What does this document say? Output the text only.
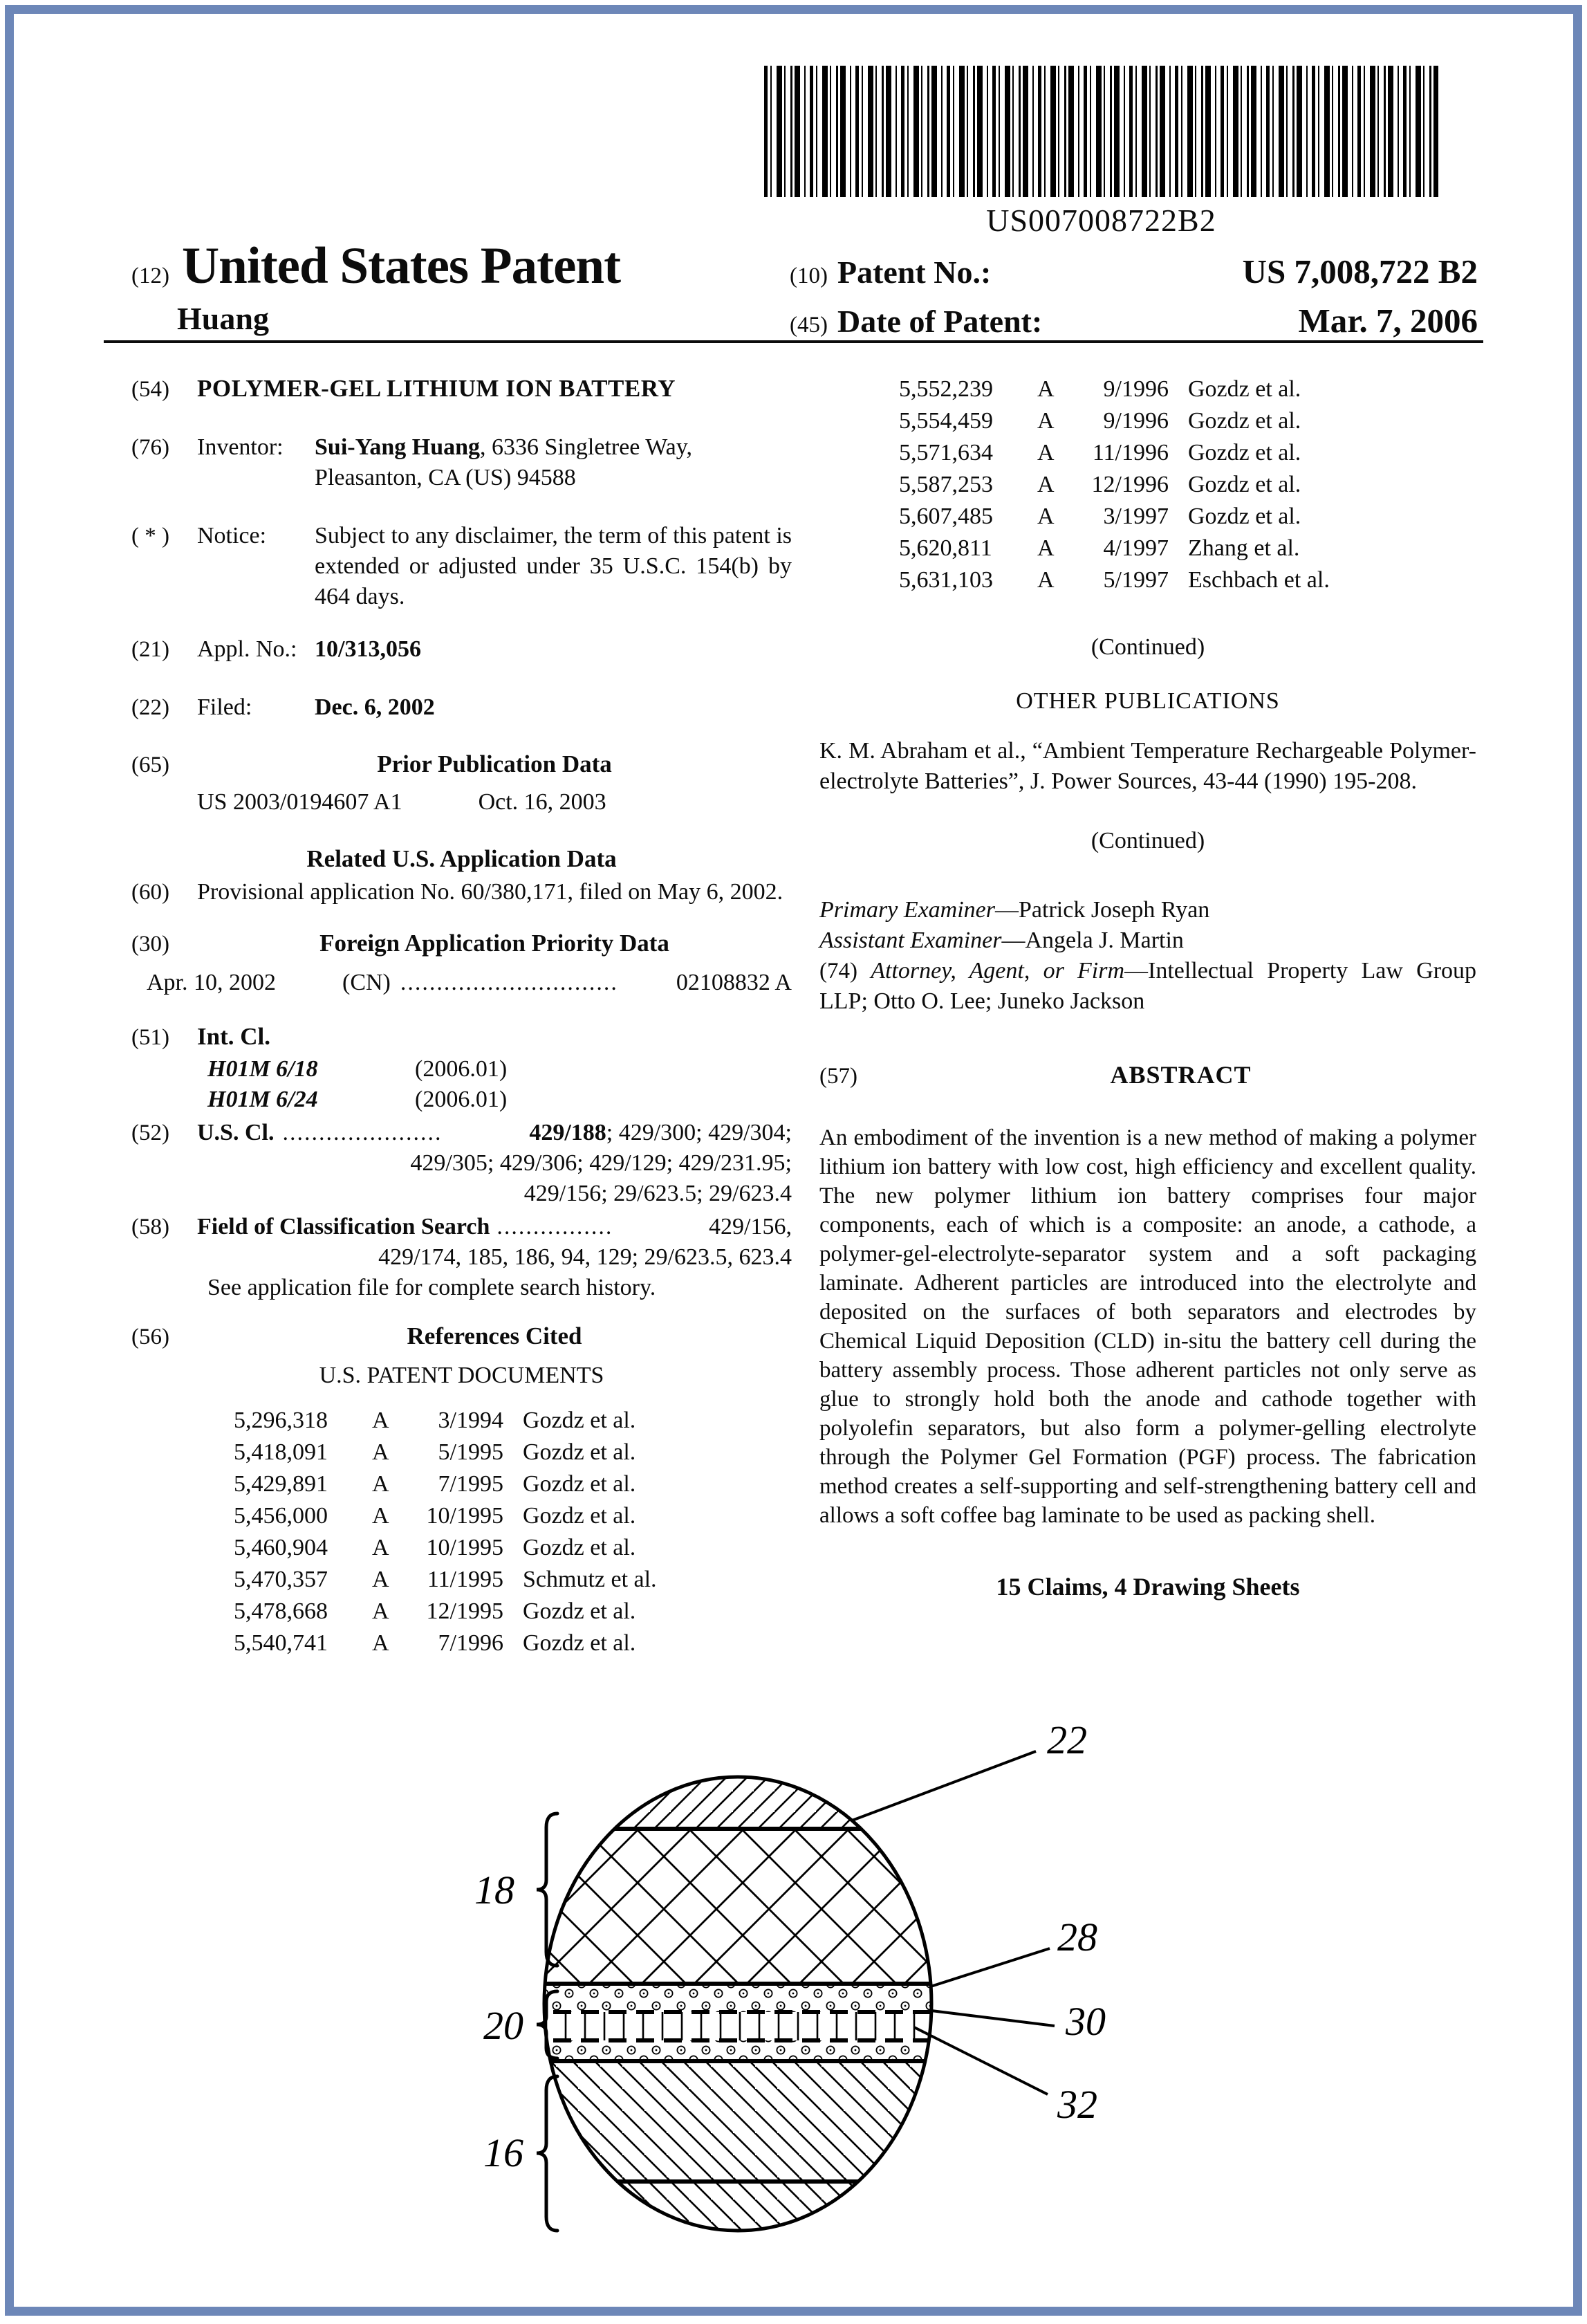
US007008722B2
(12) United States Patent
Huang
(10) Patent No.:	US 7,008,722 B2
(45) Date of Patent:	Mar. 7, 2006
(54)	POLYMER-GEL LITHIUM ION BATTERY
(76)	Inventor:	Sui-Yang Huang, 6336 Singletree Way,
Pleasanton, CA (US) 94588
( * )	Notice:	Subject to any disclaimer, the term of this patent is extended or adjusted under 35 U.S.C. 154(b) by 464 days.
(21)	Appl. No.: 10/313,056
(22)	Filed:	Dec. 6, 2002
(65)	Prior Publication Data
US 2003/0194607 A1	Oct. 16, 2003
Related U.S. Application Data
(60)	Provisional application No. 60/380,171, filed on May 6, 2002.
(30)	Foreign Application Priority Data
Apr. 10, 2002	(CN) ..............................	02108832 A
(51)	Int. Cl.
H01M 6/18	(2006.01)
H01M 6/24	(2006.01)
(52)	U.S. Cl. ......................	429/188; 429/300; 429/304;
429/305; 429/306; 429/129; 429/231.95;
429/156; 29/623.5; 29/623.4
(58)	Field of Classification Search ................	429/156,
429/174, 185, 186, 94, 129; 29/623.5, 623.4
See application file for complete search history.
(56)	References Cited
U.S. PATENT DOCUMENTS
5,296,318	A	3/1994 Gozdz et al.
5,418,091	A	5/1995 Gozdz et al.
5,429,891	A	7/1995 Gozdz et al.
5,456,000	A	10/1995 Gozdz et al.
5,460,904	A	10/1995 Gozdz et al.
5,470,357	A	11/1995 Schmutz et al.
5,478,668	A	12/1995 Gozdz et al.
5,540,741	A	7/1996 Gozdz et al.
5,552,239	A	9/1996 Gozdz et al.
5,554,459	A	9/1996 Gozdz et al.
5,571,634	A	11/1996 Gozdz et al.
5,587,253	A	12/1996 Gozdz et al.
5,607,485	A	3/1997 Gozdz et al.
5,620,811	A	4/1997 Zhang et al.
5,631,103	A	5/1997 Eschbach et al.
(Continued)
OTHER PUBLICATIONS
K. M. Abraham et al., “Ambient Temperature Rechargeable Polymer-electrolyte Batteries”, J. Power Sources, 43-44 (1990) 195-208.
(Continued)
Primary Examiner—Patrick Joseph Ryan
Assistant Examiner—Angela J. Martin
(74) Attorney, Agent, or Firm—Intellectual Property Law Group LLP; Otto O. Lee; Juneko Jackson
(57)	ABSTRACT
An embodiment of the invention is a new method of making a polymer lithium ion battery with low cost, high efficiency and excellent quality. The new polymer lithium ion battery comprises four major components, each of which is a composite: an anode, a cathode, a polymer-gel-electrolyte-separator system and a soft packaging laminate. Adherent particles are introduced into the electrolyte and deposited on the surfaces of both separators and electrodes by Chemical Liquid Deposition (CLD) in-situ the battery cell during the battery assembly process. Those adherent particles not only serve as glue to strongly hold both the anode and cathode together with polyolefin separators, but also form a polymer-gelling electrolyte through the Polymer Gel Formation (PGF) process. The fabrication method creates a self-supporting and self-strengthening battery cell and allows a soft coffee bag laminate to be used as packing shell.
15 Claims, 4 Drawing Sheets
22
18
20
16
28
30
32
